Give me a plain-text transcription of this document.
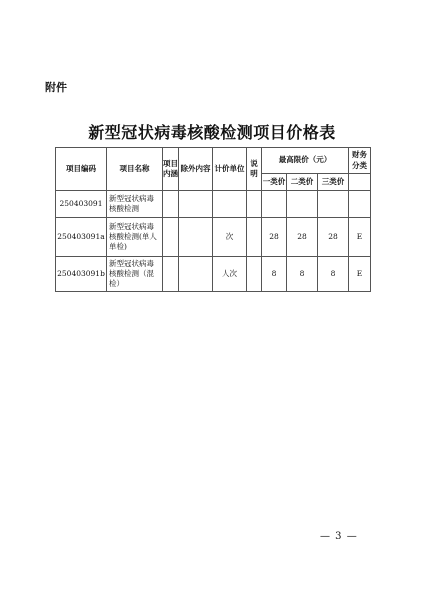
附件
新型冠状病毒核酸检测项目价格表
项目编码	项目名称	项目内涵	除外内容	计价单位	说明	最高限价（元）			财务分类
						一类价	二类价	三类价	
250403091	新型冠状病毒核酸检测								
250403091a	新型冠状病毒核酸检测(单人单检)			次		28	28	28	E
250403091b	新型冠状病毒核酸检测（混检）			人次		8	8	8	E
— 3 —
